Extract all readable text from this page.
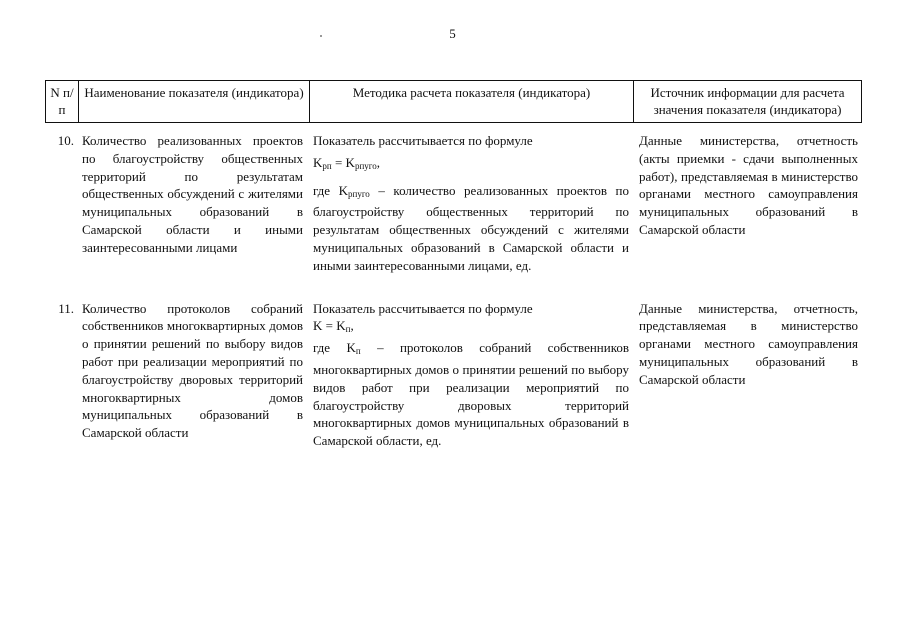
5
N п/п
Наименование показателя (индикатора)	Методика расчета показателя (индикатора)	Источник информации для расчета значения показателя (индикатора)
10. Количество реализованных проектов по благоустройству общественных территорий по результатам общественных обсуждений с жителями муниципальных образований в Самарской области и иными заинтересованными лицами

Показатель рассчитывается по формуле

$K_{рп} = K_{рпуго}$,

где $K_{рпуго}$ – количество реализованных проектов по благоустройству общественных территорий по результатам общественных обсуждений с жителями муниципальных образований в Самарской области и иными заинтересованными лицами, ед.

Данные министерства, отчетность (акты приемки - сдачи выполненных работ), представляемая в министерство органами местного самоуправления муниципальных образований в Самарской области
11. Количество протоколов собраний собственников многоквартирных домов о принятии решений по выбору видов работ при реализации мероприятий по благоустройству дворовых территорий многоквартирных домов муниципальных образований в Самарской области

Показатель рассчитывается по формуле

$K = K_п$,

где $K_п$ – протоколов собраний собственников многоквартирных домов о принятии решений по выбору видов работ при реализации мероприятий по благоустройству дворовых территорий многоквартирных домов муниципальных образований в Самарской области, ед.

Данные министерства, отчетность, представляемая в министерство органами местного самоуправления муниципальных образований в Самарской области
